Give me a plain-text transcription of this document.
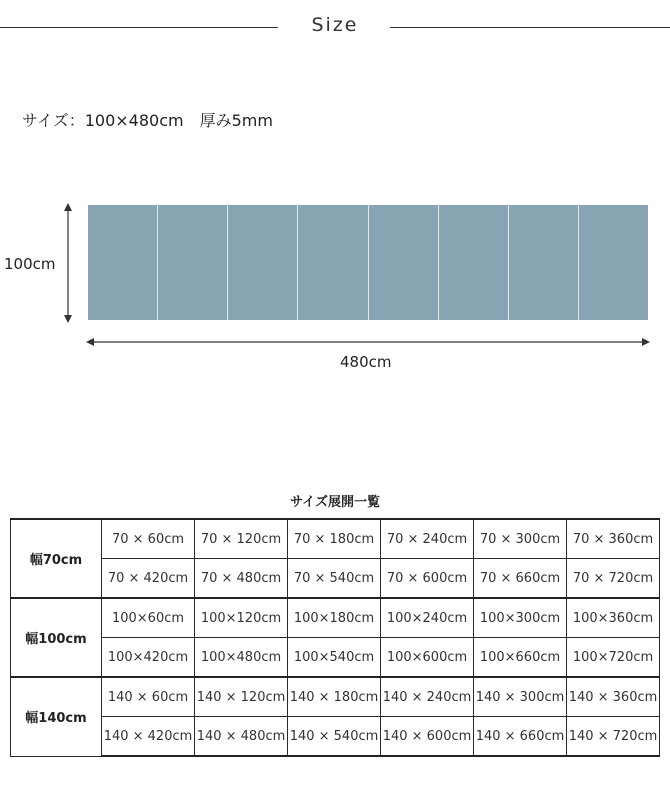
Size
サイズ：100×480cm　厚み5mm
100cm
480cm
サイズ展開一覧
幅70cm	70 × 60cm	70 × 120cm	70 × 180cm	70 × 240cm	70 × 300cm	70 × 360cm
	70 × 420cm	70 × 480cm	70 × 540cm	70 × 600cm	70 × 660cm	70 × 720cm
幅100cm	100×60cm	100×120cm	100×180cm	100×240cm	100×300cm	100×360cm
	100×420cm	100×480cm	100×540cm	100×600cm	100×660cm	100×720cm
幅140cm	140 × 60cm	140 × 120cm	140 × 180cm	140 × 240cm	140 × 300cm	140 × 360cm
	140 × 420cm	140 × 480cm	140 × 540cm	140 × 600cm	140 × 660cm	140 × 720cm
